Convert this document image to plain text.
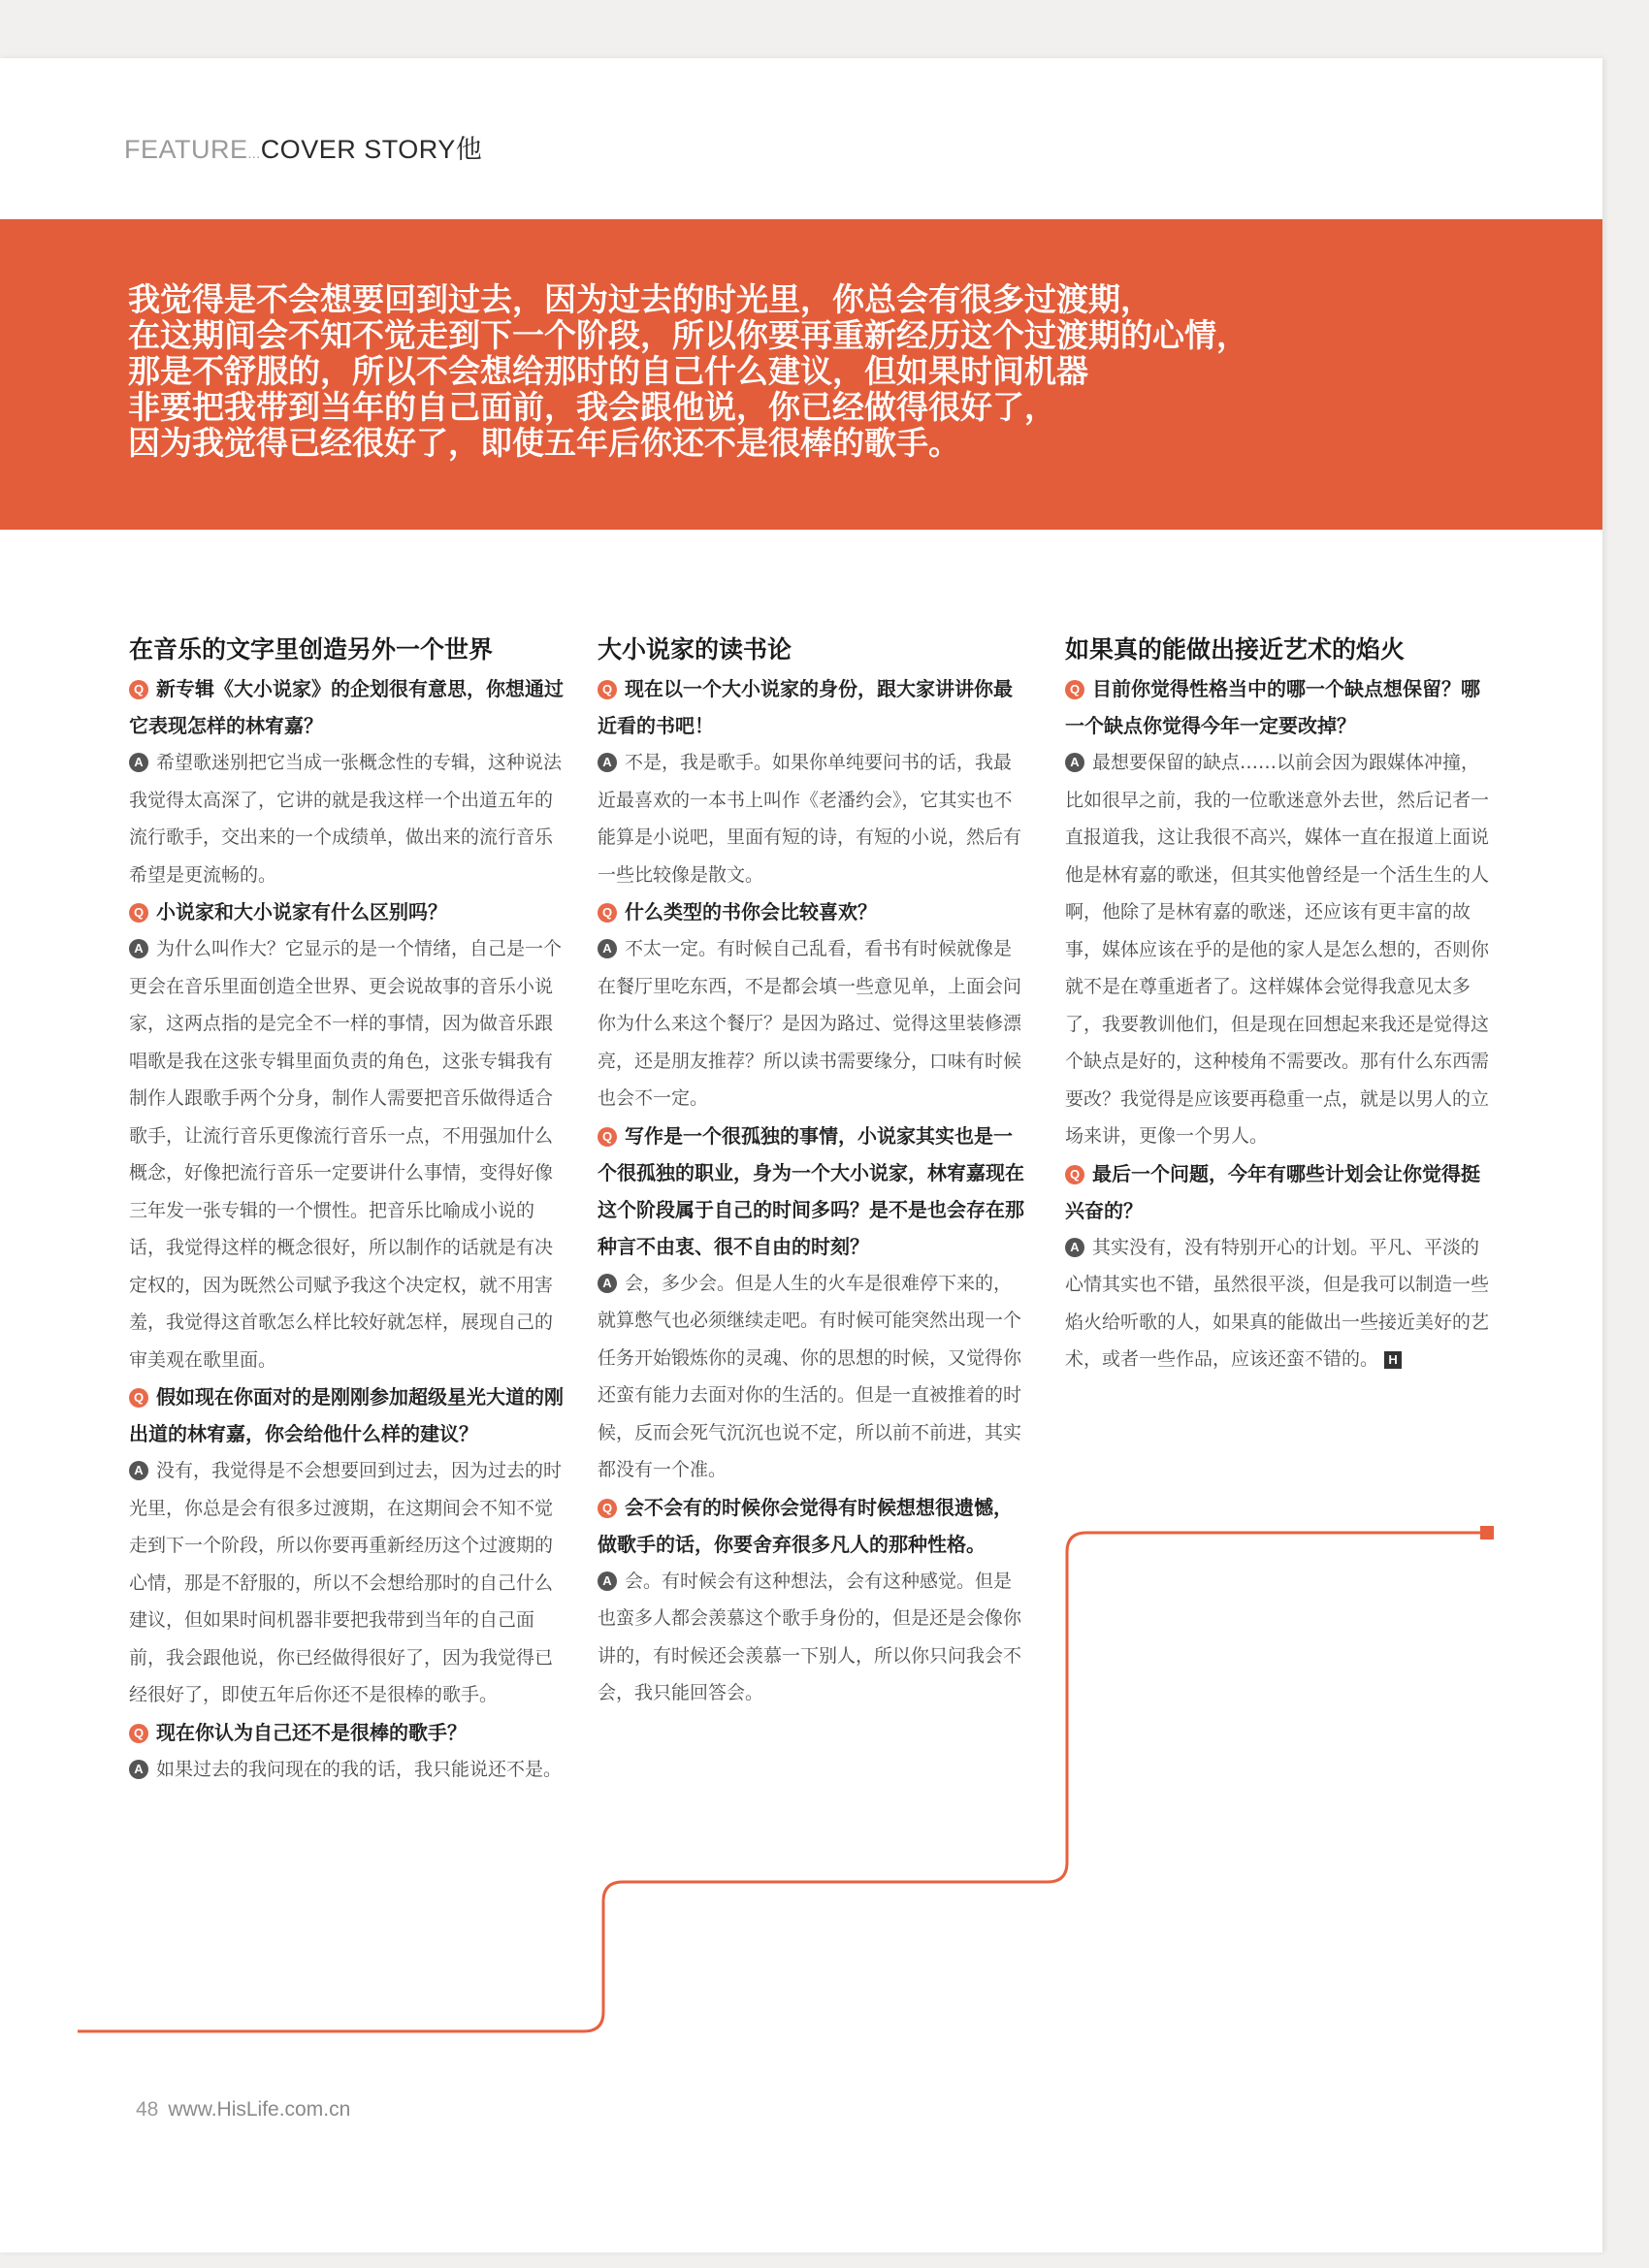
FEATURE...COVER STORY他
我觉得是不会想要回到过去，因为过去的时光里，你总会有很多过渡期，
在这期间会不知不觉走到下一个阶段，所以你要再重新经历这个过渡期的心情，
那是不舒服的，所以不会想给那时的自己什么建议，但如果时间机器
非要把我带到当年的自己面前，我会跟他说，你已经做得很好了，
因为我觉得已经很好了，即使五年后你还不是很棒的歌手。
在音乐的文字里创造另外一个世界

Q 新专辑《大小说家》的企划很有意思，你想通过它表现怎样的林宥嘉？

A 希望歌迷别把它当成一张概念性的专辑，这种说法我觉得太高深了，它讲的就是我这样一个出道五年的流行歌手，交出来的一个成绩单，做出来的流行音乐希望是更流畅的。

Q 小说家和大小说家有什么区别吗？

A 为什么叫作大？它显示的是一个情绪，自己是一个更会在音乐里面创造全世界、更会说故事的音乐小说家，这两点指的是完全不一样的事情，因为做音乐跟唱歌是我在这张专辑里面负责的角色，这张专辑我有制作人跟歌手两个分身，制作人需要把音乐做得适合歌手，让流行音乐更像流行音乐一点，不用强加什么概念，好像把流行音乐一定要讲什么事情，变得好像三年发一张专辑的一个惯性。把音乐比喻成小说的话，我觉得这样的概念很好，所以制作的话就是有决定权的，因为既然公司赋予我这个决定权，就不用害羞，我觉得这首歌怎么样比较好就怎样，展现自己的审美观在歌里面。

Q 假如现在你面对的是刚刚参加超级星光大道的刚出道的林宥嘉，你会给他什么样的建议？

A 没有，我觉得是不会想要回到过去，因为过去的时光里，你总是会有很多过渡期，在这期间会不知不觉走到下一个阶段，所以你要再重新经历这个过渡期的心情，那是不舒服的，所以不会想给那时的自己什么建议，但如果时间机器非要把我带到当年的自己面前，我会跟他说，你已经做得很好了，因为我觉得已经很好了，即使五年后你还不是很棒的歌手。

Q 现在你认为自己还不是很棒的歌手？

A 如果过去的我问现在的我的话，我只能说还不是。

大小说家的读书论

Q 现在以一个大小说家的身份，跟大家讲讲你最近看的书吧！

A 不是，我是歌手。如果你单纯要问书的话，我最近最喜欢的一本书上叫作《老潘约会》，它其实也不能算是小说吧，里面有短的诗，有短的小说，然后有一些比较像是散文。

Q 什么类型的书你会比较喜欢？

A 不太一定。有时候自己乱看，看书有时候就像是在餐厅里吃东西，不是都会填一些意见单，上面会问你为什么来这个餐厅？是因为路过、觉得这里装修漂亮，还是朋友推荐？所以读书需要缘分，口味有时候也会不一定。

Q 写作是一个很孤独的事情，小说家其实也是一个很孤独的职业，身为一个大小说家，林宥嘉现在这个阶段属于自己的时间多吗？是不是也会存在那种言不由衷、很不自由的时刻？

A 会，多少会。但是人生的火车是很难停下来的，就算憋气也必须继续走吧。有时候可能突然出现一个任务开始锻炼你的灵魂、你的思想的时候，又觉得你还蛮有能力去面对你的生活的。但是一直被推着的时候，反而会死气沉沉也说不定，所以前不前进，其实都没有一个准。

Q 会不会有的时候你会觉得有时候想想很遗憾，做歌手的话，你要舍弃很多凡人的那种性格。

A 会。有时候会有这种想法，会有这种感觉。但是也蛮多人都会羡慕这个歌手身份的，但是还是会像你讲的，有时候还会羡慕一下别人，所以你只问我会不会，我只能回答会。

如果真的能做出接近艺术的焰火

Q 目前你觉得性格当中的哪一个缺点想保留？哪一个缺点你觉得今年一定要改掉？

A 最想要保留的缺点……以前会因为跟媒体冲撞，比如很早之前，我的一位歌迷意外去世，然后记者一直报道我，这让我很不高兴，媒体一直在报道上面说他是林宥嘉的歌迷，但其实他曾经是一个活生生的人啊，他除了是林宥嘉的歌迷，还应该有更丰富的故事，媒体应该在乎的是他的家人是怎么想的，否则你就不是在尊重逝者了。这样媒体会觉得我意见太多了，我要教训他们，但是现在回想起来我还是觉得这个缺点是好的，这种棱角不需要改。那有什么东西需要改？我觉得是应该要再稳重一点，就是以男人的立场来讲，更像一个男人。

Q 最后一个问题，今年有哪些计划会让你觉得挺兴奋的？

A 其实没有，没有特别开心的计划。平凡、平淡的心情其实也不错，虽然很平淡，但是我可以制造一些焰火给听歌的人，如果真的能做出一些接近美好的艺术，或者一些作品，应该还蛮不错的。 H

48 www.HisLife.com.cn
